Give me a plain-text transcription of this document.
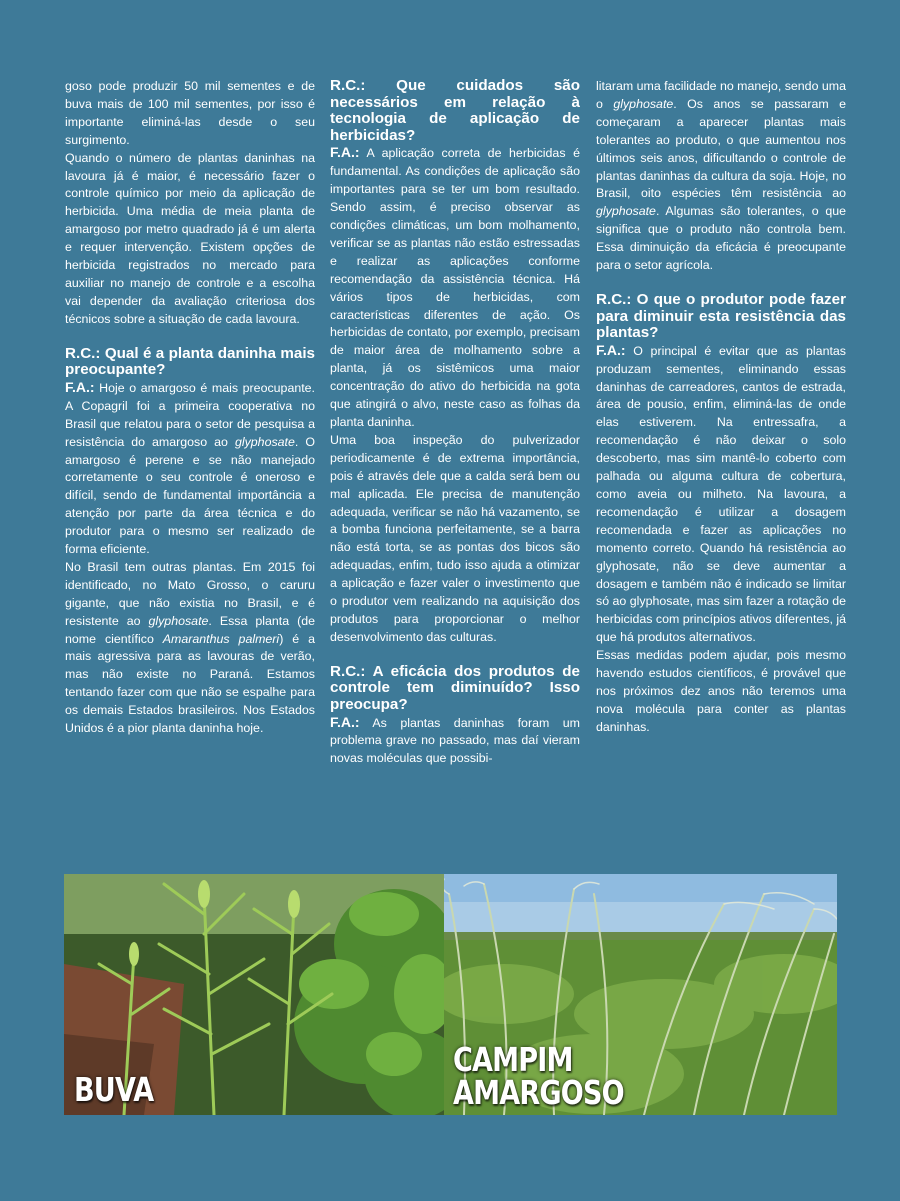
goso pode produzir 50 mil sementes e de buva mais de 100 mil sementes, por isso é importante eliminá-las desde o seu surgimento.

Quando o número de plantas daninhas na lavoura já é maior, é necessário fazer o controle químico por meio da aplicação de herbicida. Uma média de meia planta de amargoso por metro quadrado já é um alerta e requer intervenção. Existem opções de herbicida registrados no mercado para auxiliar no manejo de controle e a escolha vai depender da avaliação criteriosa dos técnicos sobre a situação de cada lavoura.

R.C.: Qual é a planta daninha mais preocupante?

F.A.: Hoje o amargoso é mais preocupante. A Copagril foi a primeira cooperativa no Brasil que relatou para o setor de pesquisa a resistência do amargoso ao glyphosate. O amargoso é perene e se não manejado corretamente o seu controle é oneroso e difícil, sendo de fundamental importância a atenção por parte da área técnica e do produtor para o mesmo ser realizado de forma eficiente.

No Brasil tem outras plantas. Em 2015 foi identificado, no Mato Grosso, o caruru gigante, que não existia no Brasil, e é resistente ao glyphosate. Essa planta (de nome científico Amaranthus palmeri) é a mais agressiva para as lavouras de verão, mas não existe no Paraná. Estamos tentando fazer com que não se espalhe para os demais Estados brasileiros. Nos Estados Unidos é a pior planta daninha hoje.

R.C.: Que cuidados são necessários em relação à tecnologia de aplicação de herbicidas?

F.A.: A aplicação correta de herbicidas é fundamental. As condições de aplicação são importantes para se ter um bom resultado. Sendo assim, é preciso observar as condições climáticas, um bom molhamento, verificar se as plantas não estão estressadas e realizar as aplicações conforme recomendação da assistência técnica. Há vários tipos de herbicidas, com características diferentes de ação. Os herbicidas de contato, por exemplo, precisam de maior área de molhamento sobre a planta, já os sistêmicos uma maior concentração do ativo do herbicida na gota que atingirá o alvo, neste caso as folhas da planta daninha.

Uma boa inspeção do pulverizador periodicamente é de extrema importância, pois é através dele que a calda será bem ou mal aplicada. Ele precisa de manutenção adequada, verificar se não há vazamento, se a bomba funciona perfeitamente, se a barra não está torta, se as pontas dos bicos são adequadas, enfim, tudo isso ajuda a otimizar a aplicação e fazer valer o investimento que o produtor vem realizando na aquisição dos produtos para proporcionar o melhor desenvolvimento das culturas.

R.C.: A eficácia dos produtos de controle tem diminuído? Isso preocupa?

F.A.: As plantas daninhas foram um problema grave no passado, mas daí vieram novas moléculas que possibi-

litaram uma facilidade no manejo, sendo uma o glyphosate. Os anos se passaram e começaram a aparecer plantas mais tolerantes ao produto, o que aumentou nos últimos seis anos, dificultando o controle de plantas daninhas da cultura da soja. Hoje, no Brasil, oito espécies têm resistência ao glyphosate. Algumas são tolerantes, o que significa que o produto não controla bem. Essa diminuição da eficácia é preocupante para o setor agrícola.

R.C.: O que o produtor pode fazer para diminuir esta resistência das plantas?

F.A.: O principal é evitar que as plantas produzam sementes, eliminando essas daninhas de carreadores, cantos de estrada, área de pousio, enfim, eliminá-las de onde elas estiverem. Na entressafra, a recomendação é não deixar o solo descoberto, mas sim mantê-lo coberto com palhada ou alguma cultura de cobertura, como aveia ou milheto. Na lavoura, a recomendação é utilizar a dosagem recomendada e fazer as aplicações no momento correto. Quando há resistência ao glyphosate, não se deve aumentar a dosagem e também não é indicado se limitar só ao glyphosate, mas sim fazer a rotação de herbicidas com princípios ativos diferentes, já que há produtos alternativos.

Essas medidas podem ajudar, pois mesmo havendo estudos científicos, é provável que nos próximos dez anos não teremos uma nova molécula para conter as plantas daninhas.

BUVA
CAMPIM
AMARGOSO
